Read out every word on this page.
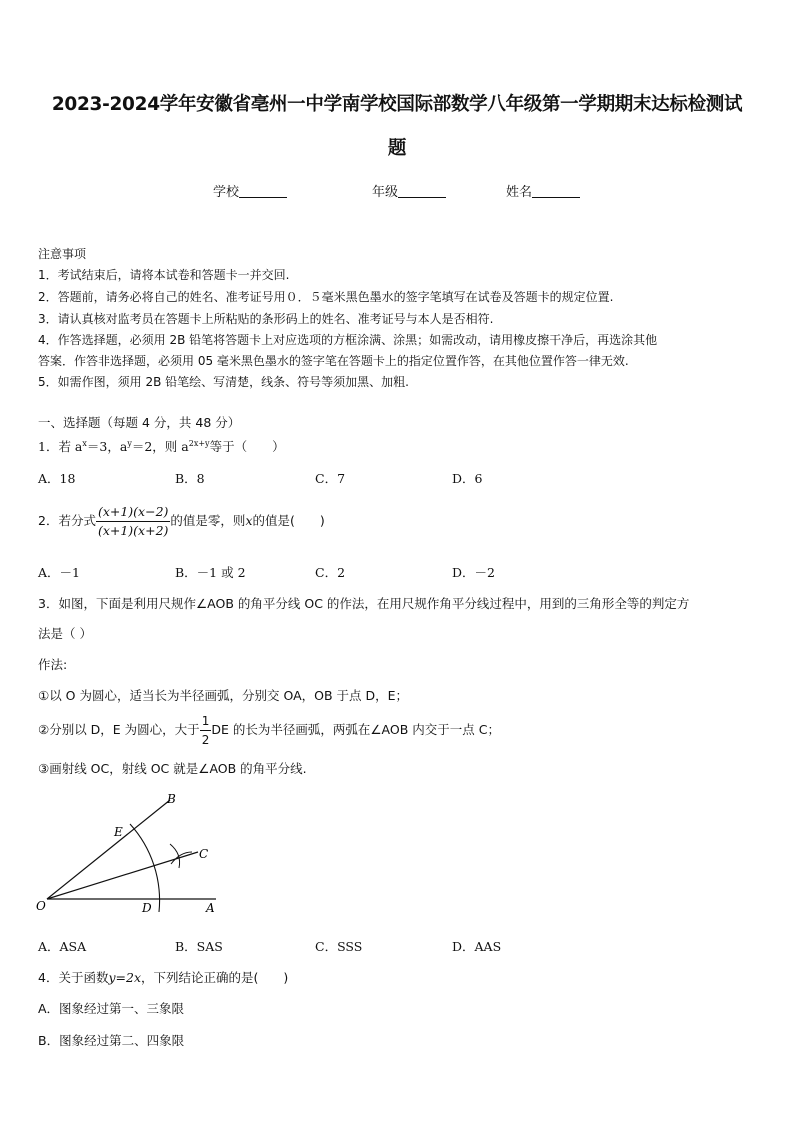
2023-2024学年安徽省亳州一中学南学校国际部数学八年级第一学期期末达标检测试
题
学校	年级	姓名
注意事项
1．考试结束后，请将本试卷和答题卡一并交回.
2．答题前，请务必将自己的姓名、准考证号用０．５毫米黑色墨水的签字笔填写在试卷及答题卡的规定位置.
3．请认真核对监考员在答题卡上所粘贴的条形码上的姓名、准考证号与本人是否相符.
4．作答选择题，必须用 2B 铅笔将答题卡上对应选项的方框涂满、涂黑；如需改动，请用橡皮擦干净后，再选涂其他
答案．作答非选择题，必须用 05 毫米黑色墨水的签字笔在答题卡上的指定位置作答，在其他位置作答一律无效.
5．如需作图，须用 2B 铅笔绘、写清楚，线条、符号等须加黑、加粗.
一、选择题（每题 4 分，共 48 分）
1．若 $a^x=3$，$a^y=2$，则 $a^{2x+y}$等于（　　）
A．18	B．8	C．7	D．6
2．若分式 $\frac{(x+1)(x-2)}{(x+1)(x+2)}$ 的值是零，则x的值是(　　)
A．－1	B．－1 或 2	C．2	D．－2
3．如图，下面是利用尺规作∠AOB 的角平分线 OC 的作法，在用尺规作角平分线过程中，用到的三角形全等的判定方
法是（ ）
作法:
①以 O 为圆心，适当长为半径画弧，分别交 OA，OB 于点 D，E；
②分别以 D，E 为圆心，大于 $\frac{1}{2}$ DE 的长为半径画弧，两弧在∠AOB 内交于一点 C；
③画射线 OC，射线 OC 就是∠AOB 的角平分线.
O	D	A
E
B
C
A．ASA	B．SAS	C．SSS	D．AAS
4．关于函数y=2x，下列结论正确的是(　　)
A．图象经过第一、三象限
B．图象经过第二、四象限
